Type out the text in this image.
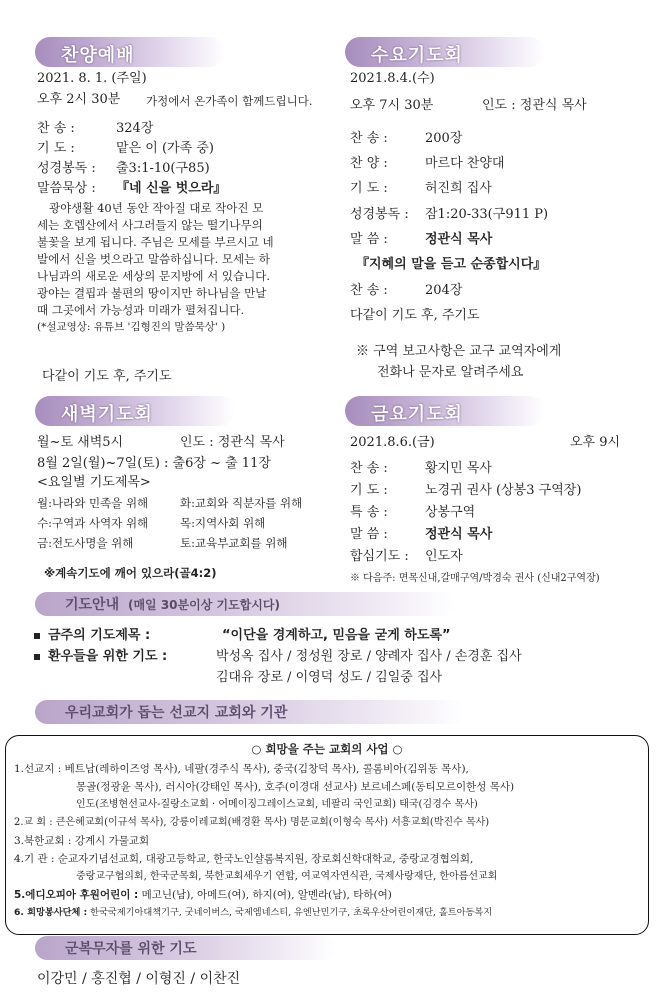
찬양예배
2021. 8. 1. (주일)
오후 2시 30분 가정에서 온가족이 함께드립니다.
찬 송 :	324장
기 도 :	맡은 이 (가족 중)
성경봉독 : 출3:1-10(구85)
말씀묵상 : 『네 신을 벗으라』
광야생활 40년 동안 작아질 대로 작아진 모
세는 호렙산에서 사그러들지 않는 떨기나무의
불꽃을 보게 됩니다. 주님은 모세를 부르시고 네
발에서 신을 벗으라고 말씀하십니다. 모세는 하
나님과의 새로운 세상의 문지방에 서 있습니다.
광야는 결핍과 불편의 땅이지만 하나님을 만날
때 그곳에서 가능성과 미래가 펼쳐집니다.
(*설교영상: 유튜브 '김형진의 말씀묵상' )
다같이 기도 후, 주기도
수요기도회
2021.8.4.(수)
오후 7시 30분	인도 : 정관식 목사
찬 송 :	200장
찬 양 :	마르다 찬양대
기 도 :	허진희 집사
성경봉독 : 잠1:20-33(구911 P)
말 씀 :	정관식 목사
『지혜의 말을 듣고 순종합시다』
찬 송 :	204장
다같이 기도 후, 주기도
※ 구역 보고사항은 교구 교역자에게
전화나 문자로 알려주세요
새벽기도회
월~토 새벽5시	인도 : 정관식 목사
8월 2일(월)~7일(토) : 출6장 ~ 출 11장
<요일별 기도제목>
월:나라와 민족을 위해	화:교회와 직분자를 위해
수:구역과 사역자 위해	목:지역사회 위해
금:전도사명을 위해	토:교육부교회를 위해
※계속기도에 깨어 있으라(골4:2)
금요기도회
2021.8.6.(금)	오후 9시
찬 송 :	황지민 목사
기 도 :	노경귀 권사 (상봉3 구역장)
특 송 :	상봉구역
말 씀 :	정관식 목사
합심기도 : 인도자
※ 다음주: 면목신내,갈매구역/박경숙 권사 (신내2구역장)
기도안내 (매일 30분이상 기도합시다)
금주의 기도제목 :	“이단을 경계하고, 믿음을 굳게 하도록”
환우들을 위한 기도 :	박성옥 집사 / 정성원 장로 / 양례자 집사 / 손경훈 집사
김대유 장로 / 이영덕 성도 / 김일중 집사
우리교회가 돕는 선교지 교회와 기관
○ 희망을 주는 교회의 사업 ○
1.선교지 : 베트남(레하이즈엉 목사), 네팔(경주식 목사), 중국(김창덕 목사), 콜롬비아(김위동 목사),
몽골(정광윤 목사), 러시아(강태인 목사), 호주(이경대 선교사) 보르네스페(동티모르이한성 목사)
인도(조병현선교사-질랑소교회 · 어메이징그레이스교회, 네팔리 국인교회) 태국(김경수 목사)
2.교 회 : 큰은혜교회(이규석 목사), 강릉이레교회(배경환 목사) 명문교회(이형숙 목사) 서흥교회(박진수 목사)
3.북한교회 : 강계시 가물교회
4.기 관 : 순교자기념선교회, 대광고등학교, 한국노인샬롬복지원, 장로회신학대학교, 중랑교경협의회,
중랑교구협의회, 한국군목회, 북한교회세우기 연합, 여교역자연식관, 국제사랑재단, 한아름선교회
5.에디오피아 후원어린이 : 메고닌(남), 아메드(여), 하지(여), 알멘라(남), 타하(여)
6. 희망봉사단체 : 한국국제기아대책기구, 굿네이버스, 국제엠네스티, 유엔난민기구, 초록우산어린이재단, 홀트아동복지
군복무자를 위한 기도
이강민 / 홍진협 / 이형진 / 이찬진
